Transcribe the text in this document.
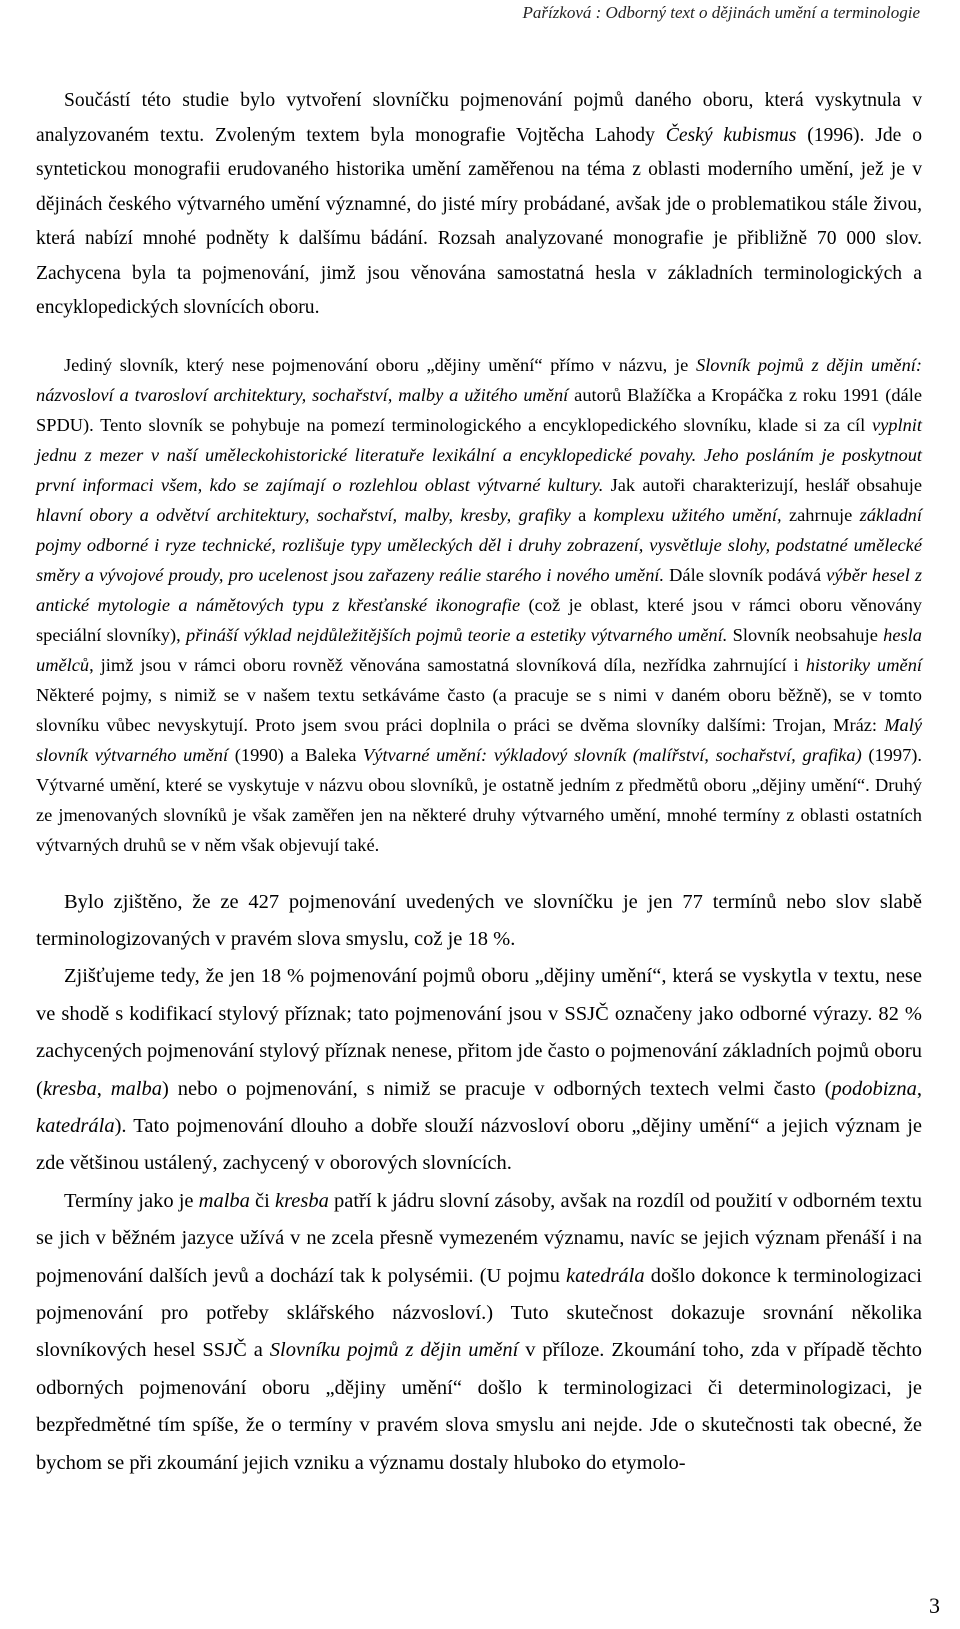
Pařízková : Odborný text o dějinách umění a terminologie

Součástí této studie bylo vytvoření slovníčku pojmenování pojmů daného oboru, která vyskytnula v analyzovaném textu. Zvoleným textem byla monografie Vojtěcha Lahody Český kubismus (1996). Jde o syntetickou monografii erudovaného historika umění zaměřenou na téma z oblasti moderního umění, jež je v dějinách českého výtvarného umění významné, do jisté míry probádané, avšak jde o problematikou stále živou, která nabízí mnohé podněty k dalšímu bádání. Rozsah analyzované monografie je přibližně 70 000 slov. Zachycena byla ta pojmenování, jimž jsou věnována samostatná hesla v základních terminologických a encyklopedických slovnících oboru.

Jediný slovník, který nese pojmenování oboru „dějiny umění“ přímo v názvu, je Slovník pojmů z dějin umění: názvosloví a tvarosloví architektury, sochařství, malby a užitého umění autorů Blažíčka a Kropáčka z roku 1991 (dále SPDU). Tento slovník se pohybuje na pomezí terminologického a encyklopedického slovníku, klade si za cíl vyplnit jednu z mezer v naší uměleckohistorické literatuře lexikální a encyklopedické povahy. Jeho posláním je poskytnout první informaci všem, kdo se zajímají o rozlehlou oblast výtvarné kultury. Jak autoři charakterizují, heslář obsahuje hlavní obory a odvětví architektury, sochařství, malby, kresby, grafiky a komplexu užitého umění, zahrnuje základní pojmy odborné i ryze technické, rozlišuje typy uměleckých děl i druhy zobrazení, vysvětluje slohy, podstatné umělecké směry a vývojové proudy, pro ucelenost jsou zařazeny reálie starého i nového umění. Dále slovník podává výběr hesel z antické mytologie a námětových typu z křesťanské ikonografie (což je oblast, které jsou v rámci oboru věnovány speciální slovníky), přináší výklad nejdůležitějších pojmů teorie a estetiky výtvarného umění. Slovník neobsahuje hesla umělců, jimž jsou v rámci oboru rovněž věnována samostatná slovníková díla, nezřídka zahrnující i historiky umění Některé pojmy, s nimiž se v našem textu setkáváme často (a pracuje se s nimi v daném oboru běžně), se v tomto slovníku vůbec nevyskytují. Proto jsem svou práci doplnila o práci se dvěma slovníky dalšími: Trojan, Mráz: Malý slovník výtvarného umění (1990) a Baleka Výtvarné umění: výkladový slovník (malířství, sochařství, grafika) (1997). Výtvarné umění, které se vyskytuje v názvu obou slovníků, je ostatně jedním z předmětů oboru „dějiny umění“. Druhý ze jmenovaných slovníků je však zaměřen jen na některé druhy výtvarného umění, mnohé termíny z oblasti ostatních výtvarných druhů se v něm však objevují také.

Bylo zjištěno, že ze 427 pojmenování uvedených ve slovníčku je jen 77 termínů nebo slov slabě terminologizovaných v pravém slova smyslu, což je 18 %.

Zjišťujeme tedy, že jen 18 % pojmenování pojmů oboru „dějiny umění“, která se vyskytla v textu, nese ve shodě s kodifikací stylový příznak; tato pojmenování jsou v SSJČ označeny jako odborné výrazy. 82 % zachycených pojmenování stylový příznak nenese, přitom jde často o pojmenování základních pojmů oboru (kresba, malba) nebo o pojmenování, s nimiž se pracuje v odborných textech velmi často (podobizna, katedrála). Tato pojmenování dlouho a dobře slouží názvosloví oboru „dějiny umění“ a jejich význam je zde většinou ustálený, zachycený v oborových slovnících.

Termíny jako je malba či kresba patří k jádru slovní zásoby, avšak na rozdíl od použití v odborném textu se jich v běžném jazyce užívá v ne zcela přesně vymezeném významu, navíc se jejich význam přenáší i na pojmenování dalších jevů a dochází tak k polysémii. (U pojmu katedrála došlo dokonce k terminologizaci pojmenování pro potřeby sklářského názvosloví.) Tuto skutečnost dokazuje srovnání několika slovníkových hesel SSJČ a Slovníku pojmů z dějin umění v příloze. Zkoumání toho, zda v případě těchto odborných pojmenování oboru „dějiny umění“ došlo k terminologizaci či determinologizaci, je bezpředmětné tím spíše, že o termíny v pravém slova smyslu ani nejde. Jde o skutečnosti tak obecné, že bychom se při zkoumání jejich vzniku a významu dostaly hluboko do etymolo-

3
